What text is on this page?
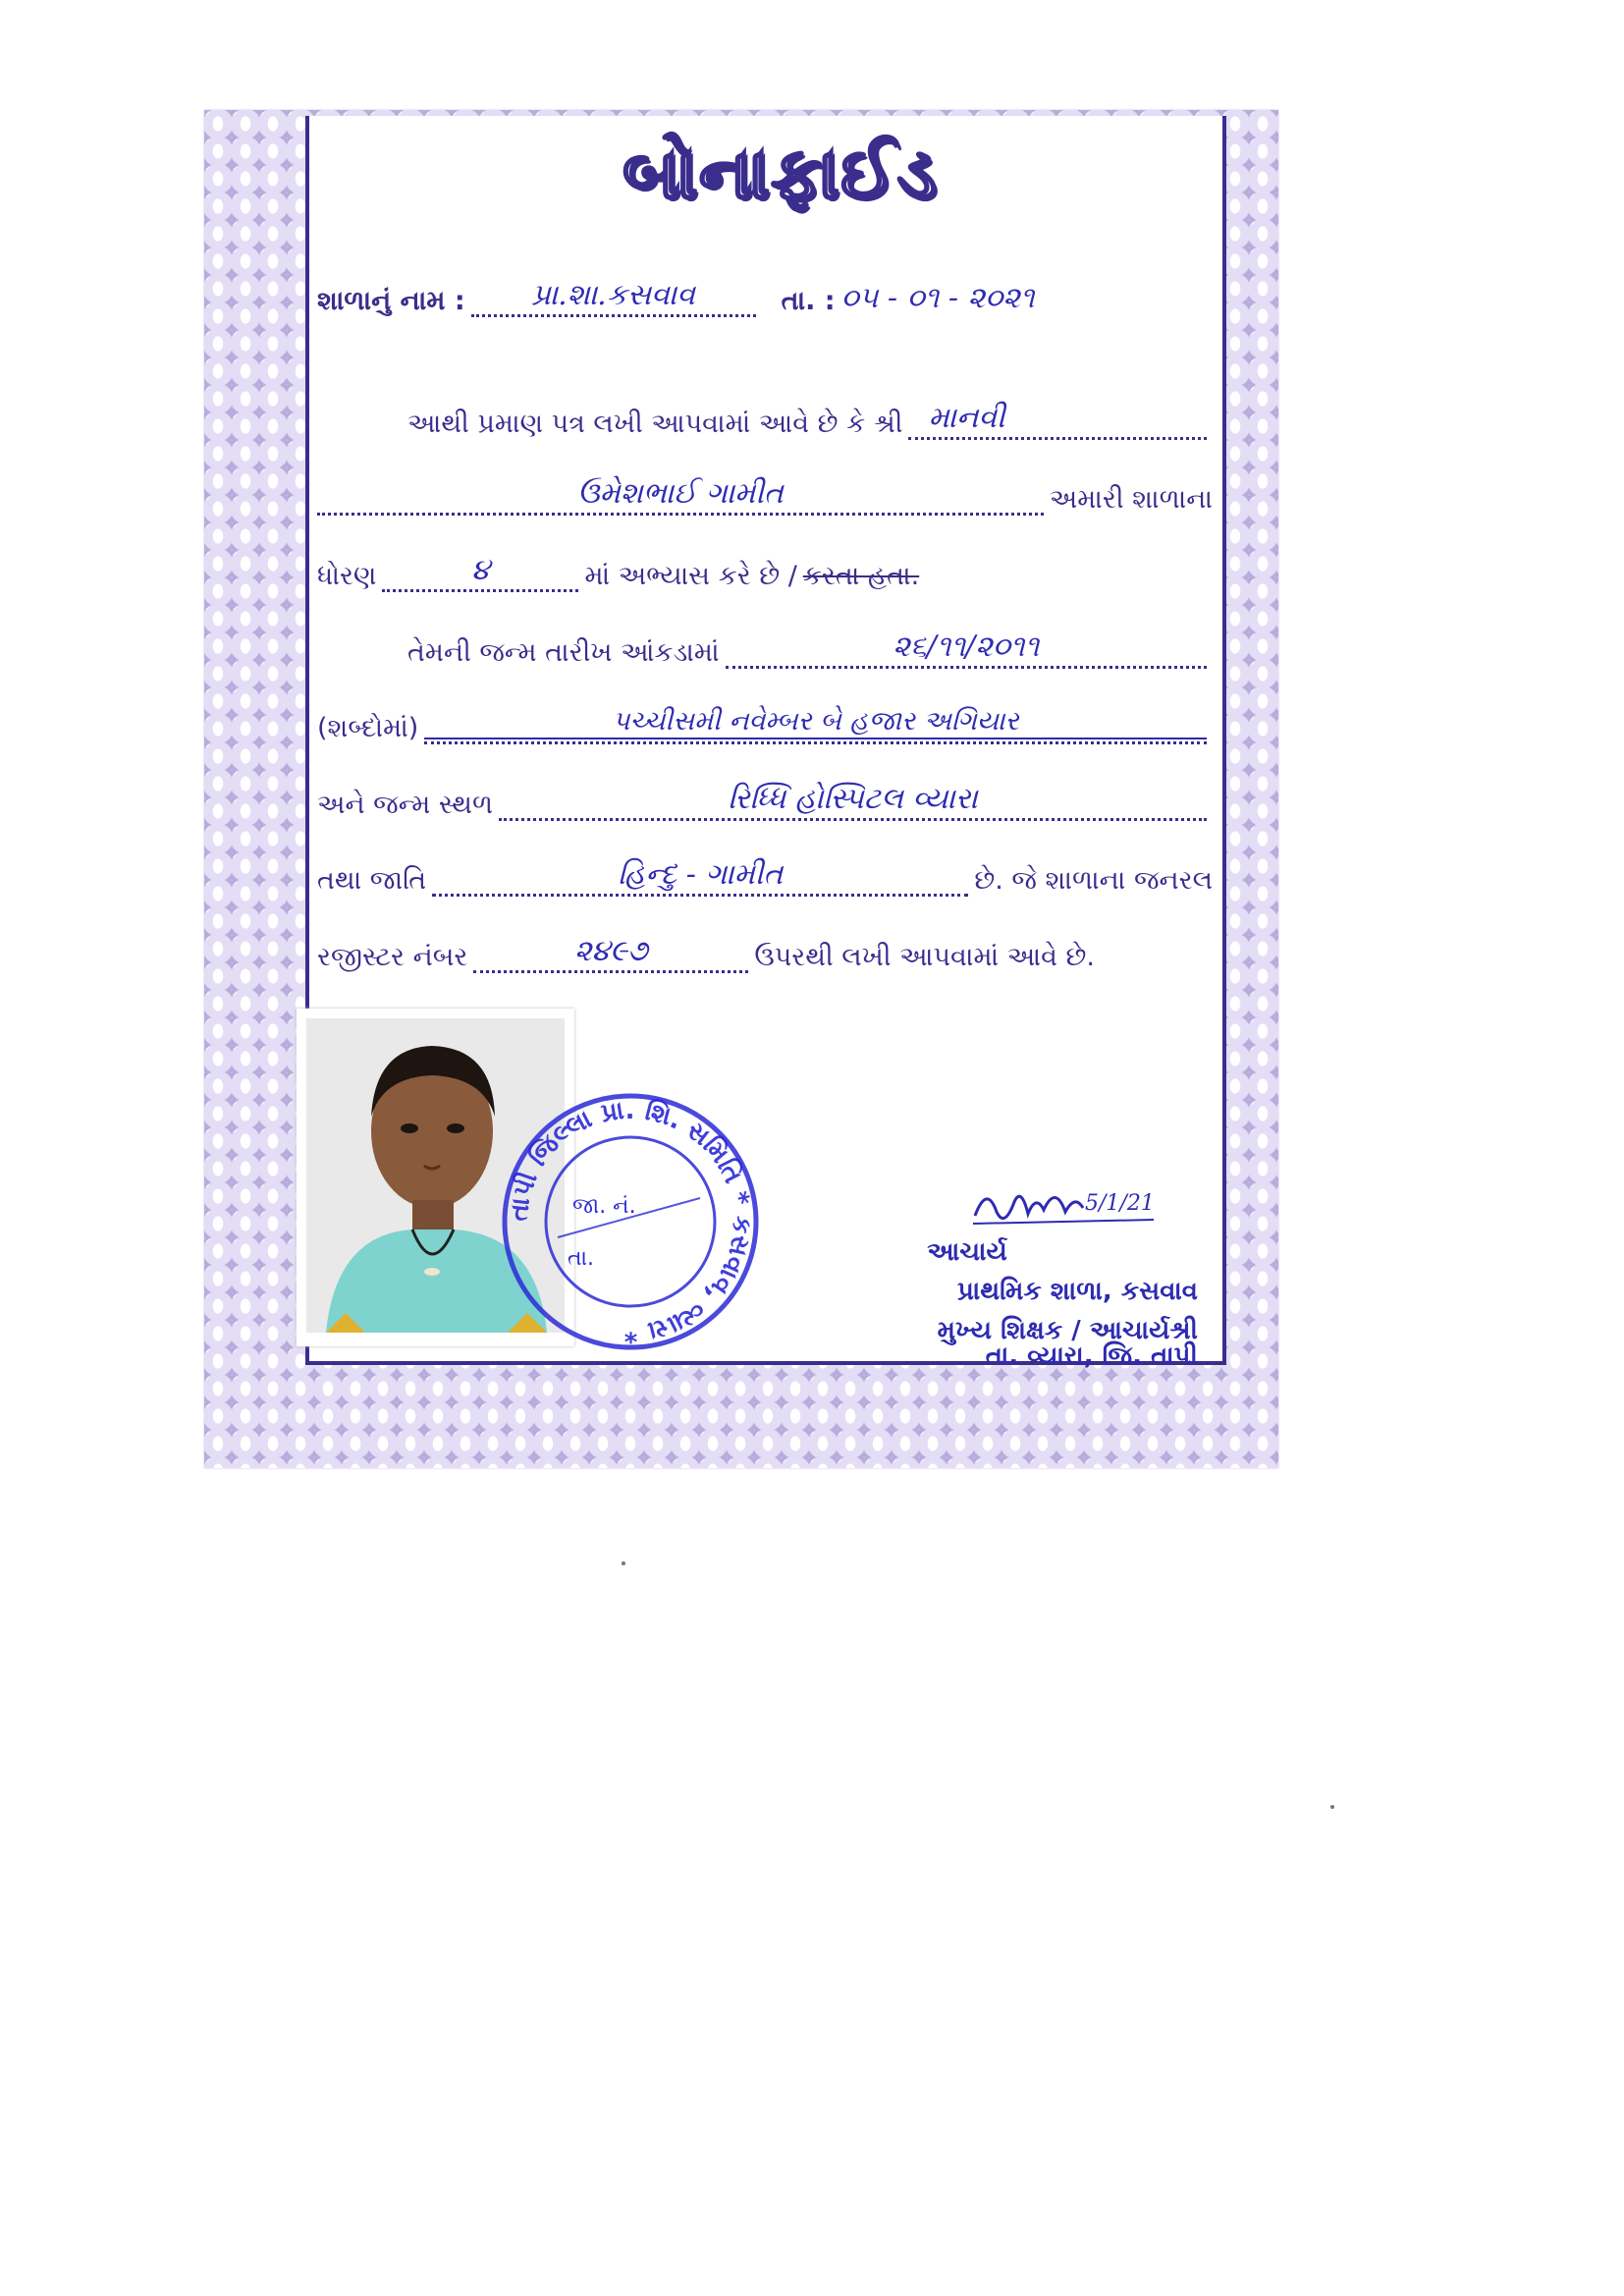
બોનાફાઈડ
શાળાનું નામ :	પ્રા.શા.કસવાવ	તા. : ૦૫ - ૦૧ - ૨૦૨૧
આથી પ્રમાણ પત્ર લખી આપવામાં આવે છે કે શ્રી માનવી
ઉમેશભાઈ ગામીત	અમારી શાળાના
ધોરણ	૪	માં અભ્યાસ કરે છે / કરતા હતા.
તેમની જન્મ તારીખ આંકડામાં	૨૬/૧૧/૨૦૧૧
(શબ્દોમાં)	પચ્ચીસમી નવેમ્બર બે હજાર અગિયાર
અને જન્મ સ્થળ	રિધ્ધિ હોસ્પિટલ વ્યારા
તથા જાતિ	હિન્દુ - ગામીત	છે. જે શાળાના જનરલ
રજીસ્ટર નંબર	૨૪૯૭	ઉપરથી લખી આપવામાં આવે છે.
તાપી જિલ્લા પ્રા. શિ. સમિતિ * કસવાવ, વ્યારા *
જા. નં.
તા.
5/1/21
આચાર્ય
પ્રાથમિક શાળા, કસવાવ
મુખ્ય શિક્ષક / આચાર્યશ્રી
તા. વ્યારા, જિ. તાપી
